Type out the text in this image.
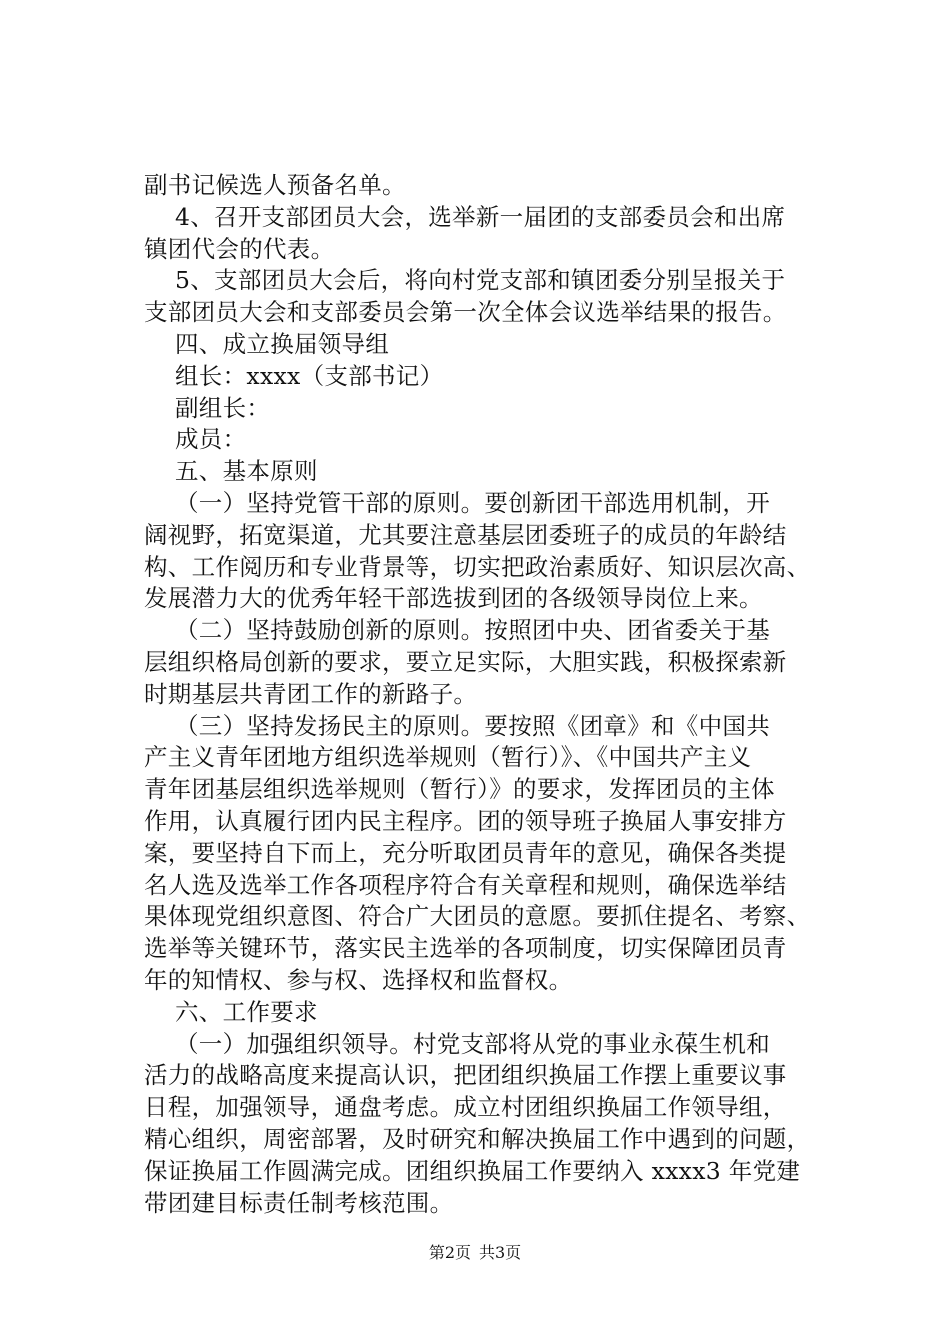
副书记候选人预备名单。
4、召开支部团员大会，选举新一届团的支部委员会和出席
镇团代会的代表。
5、支部团员大会后，将向村党支部和镇团委分别呈报关于
支部团员大会和支部委员会第一次全体会议选举结果的报告。
四、成立换届领导组
组长：xxxx（支部书记）
副组长：
成员：
五、基本原则
（一）坚持党管干部的原则。要创新团干部选用机制，开
阔视野，拓宽渠道，尤其要注意基层团委班子的成员的年龄结
构、工作阅历和专业背景等，切实把政治素质好、知识层次高、
发展潜力大的优秀年轻干部选拔到团的各级领导岗位上来。
（二）坚持鼓励创新的原则。按照团中央、团省委关于基
层组织格局创新的要求，要立足实际，大胆实践，积极探索新
时期基层共青团工作的新路子。
（三）坚持发扬民主的原则。要按照《团章》和《中国共
产主义青年团地方组织选举规则（暂行）》、《中国共产主义
青年团基层组织选举规则（暂行）》的要求，发挥团员的主体
作用，认真履行团内民主程序。团的领导班子换届人事安排方
案，要坚持自下而上，充分听取团员青年的意见，确保各类提
名人选及选举工作各项程序符合有关章程和规则，确保选举结
果体现党组织意图、符合广大团员的意愿。要抓住提名、考察、
选举等关键环节，落实民主选举的各项制度，切实保障团员青
年的知情权、参与权、选择权和监督权。
六、工作要求
（一）加强组织领导。村党支部将从党的事业永葆生机和
活力的战略高度来提高认识，把团组织换届工作摆上重要议事
日程，加强领导，通盘考虑。成立村团组织换届工作领导组，
精心组织，周密部署，及时研究和解决换届工作中遇到的问题，
保证换届工作圆满完成。团组织换届工作要纳入 xxxx3 年党建
带团建目标责任制考核范围。
第2页 共3页
